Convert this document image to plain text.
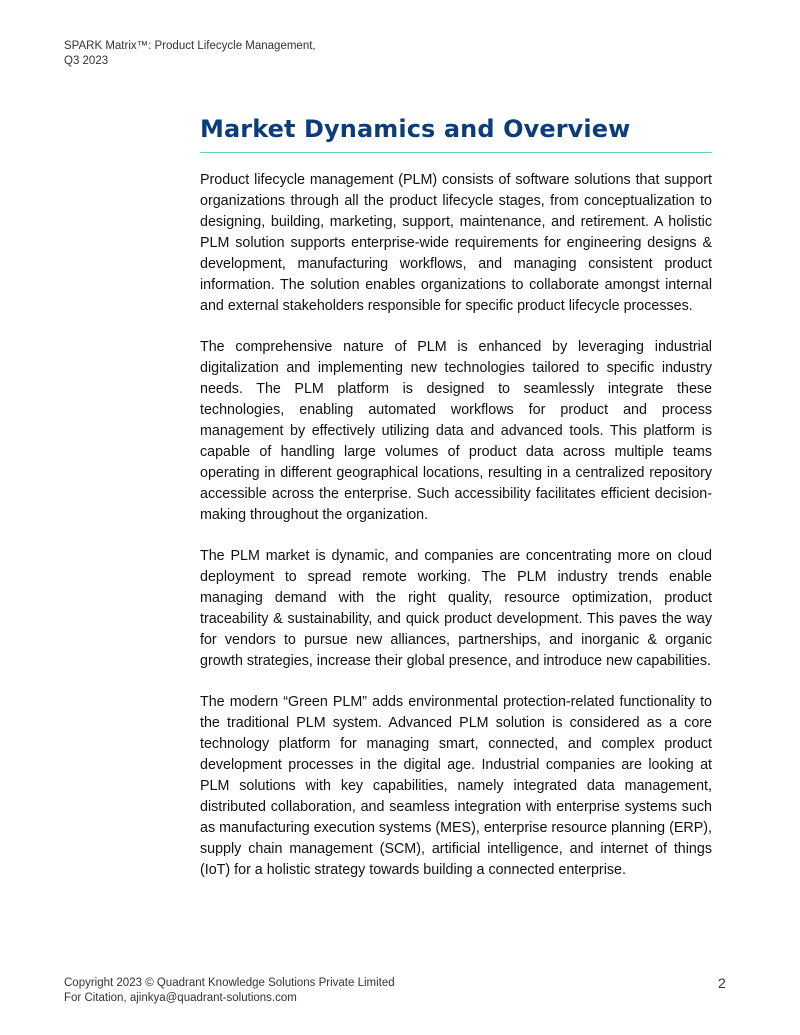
SPARK Matrix™: Product Lifecycle Management,
Q3 2023
Market Dynamics and Overview

Product lifecycle management (PLM) consists of software solutions that support organizations through all the product lifecycle stages, from conceptualization to designing, building, marketing, support, maintenance, and retirement. A holistic PLM solution supports enterprise-wide requirements for engineering designs & development, manufacturing workflows, and managing consistent product information. The solution enables organizations to collaborate amongst internal and external stakeholders responsible for specific product lifecycle processes.

The comprehensive nature of PLM is enhanced by leveraging industrial digitalization and implementing new technologies tailored to specific industry needs. The PLM platform is designed to seamlessly integrate these technologies, enabling automated workflows for product and process management by effectively utilizing data and advanced tools. This platform is capable of handling large volumes of product data across multiple teams operating in different geographical locations, resulting in a centralized repository accessible across the enterprise. Such accessibility facilitates efficient decision-making throughout the organization.

The PLM market is dynamic, and companies are concentrating more on cloud deployment to spread remote working. The PLM industry trends enable managing demand with the right quality, resource optimization, product traceability & sustainability, and quick product development. This paves the way for vendors to pursue new alliances, partnerships, and inorganic & organic growth strategies, increase their global presence, and introduce new capabilities.

The modern “Green PLM” adds environmental protection-related functionality to the traditional PLM system. Advanced PLM solution is considered as a core technology platform for managing smart, connected, and complex product development processes in the digital age. Industrial companies are looking at PLM solutions with key capabilities, namely integrated data management, distributed collaboration, and seamless integration with enterprise systems such as manufacturing execution systems (MES), enterprise resource planning (ERP), supply chain management (SCM), artificial intelligence, and internet of things (IoT) for a holistic strategy towards building a connected enterprise.

Copyright 2023 © Quadrant Knowledge Solutions Private Limited
For Citation, ajinkya@quadrant-solutions.com
2
